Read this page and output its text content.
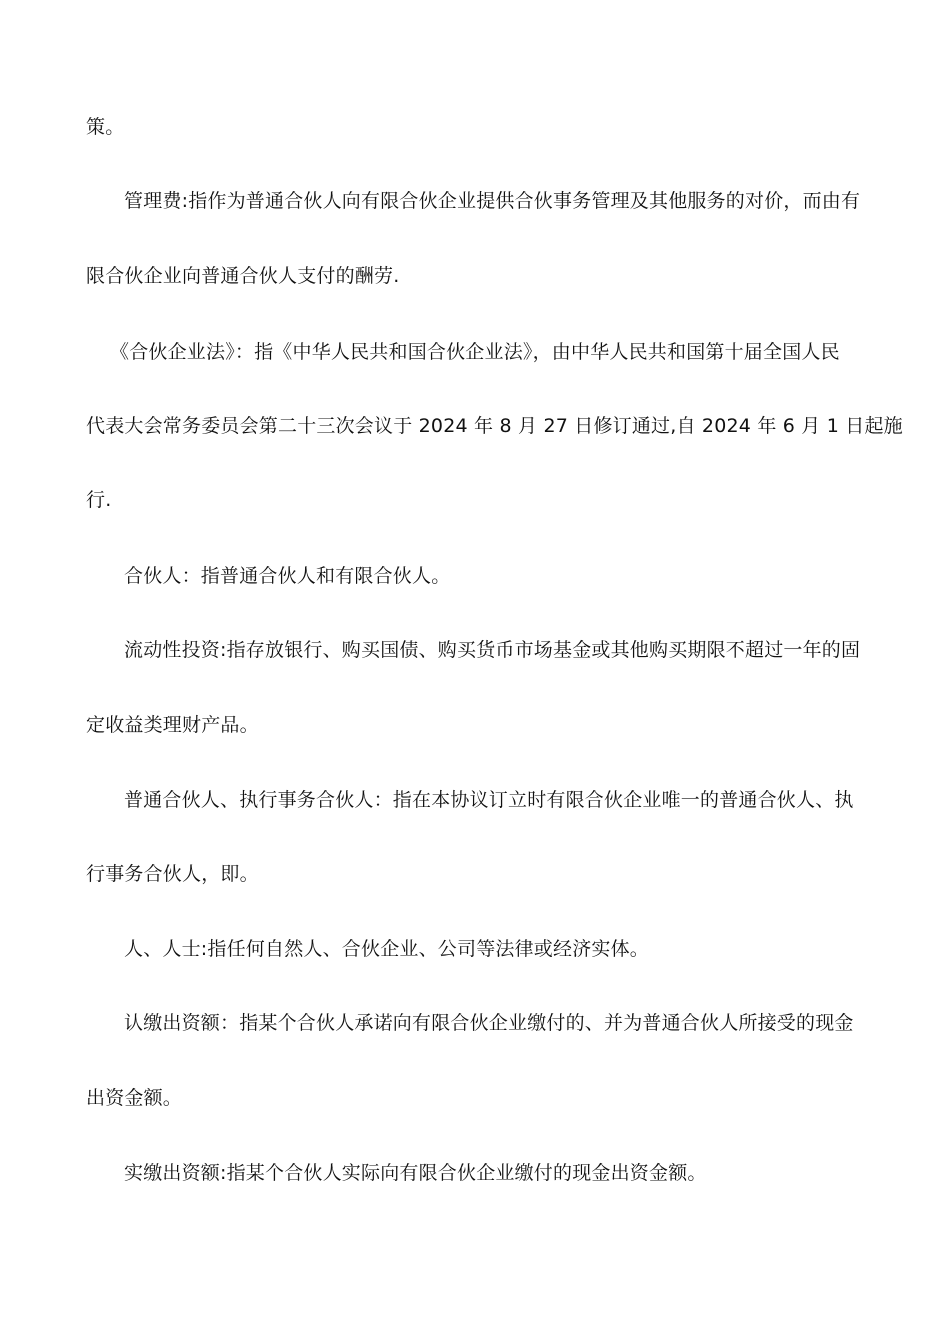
策。
管理费:指作为普通合伙人向有限合伙企业提供合伙事务管理及其他服务的对价，而由有
限合伙企业向普通合伙人支付的酬劳.
《合伙企业法》：指《中华人民共和国合伙企业法》，由中华人民共和国第十届全国人民
代表大会常务委员会第二十三次会议于 2024 年 8 月 27 日修订通过,自 2024 年 6 月 1 日起施
行.
合伙人：指普通合伙人和有限合伙人。
流动性投资:指存放银行、购买国债、购买货币市场基金或其他购买期限不超过一年的固
定收益类理财产品。
普通合伙人、执行事务合伙人：指在本协议订立时有限合伙企业唯一的普通合伙人、执
行事务合伙人，即。
人、人士:指任何自然人、合伙企业、公司等法律或经济实体。
认缴出资额：指某个合伙人承诺向有限合伙企业缴付的、并为普通合伙人所接受的现金
出资金额。
实缴出资额:指某个合伙人实际向有限合伙企业缴付的现金出资金额。
